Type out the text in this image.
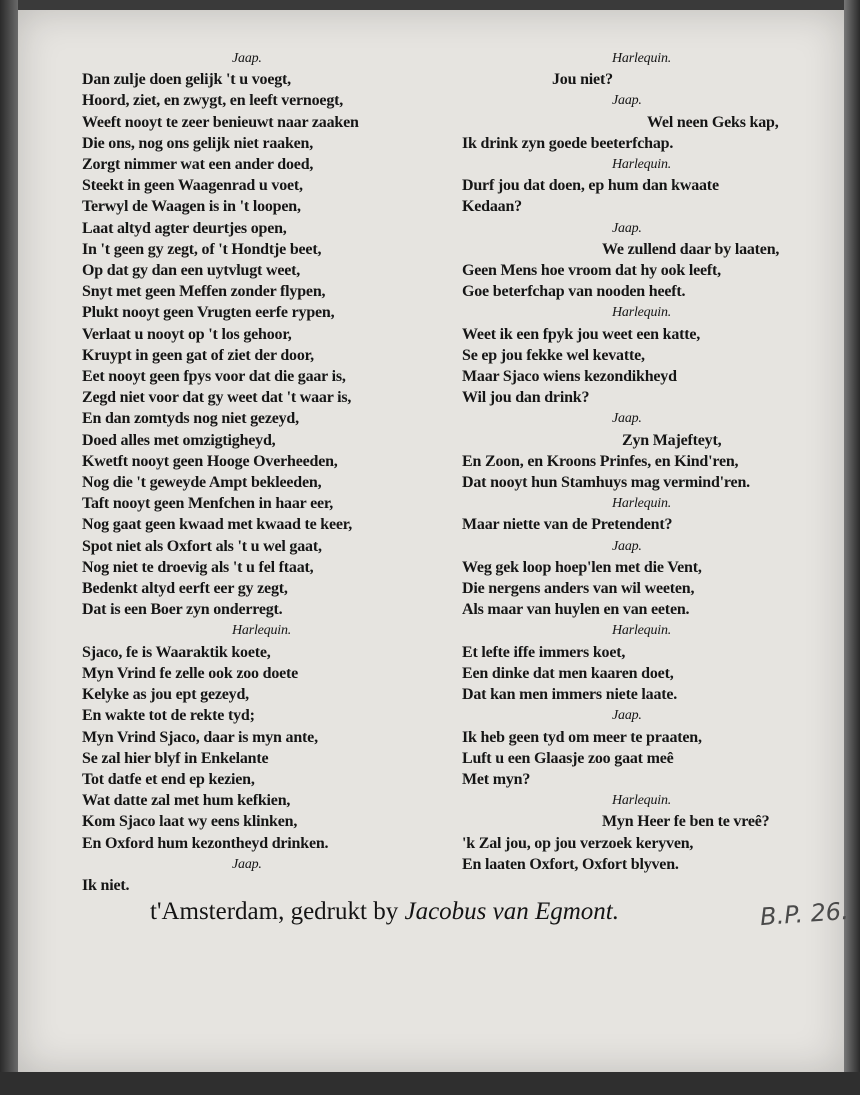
Jaap.
Dan zulje doen gelijk 't u voegt,
Hoord, ziet, en zwygt, en leeft vernoegt,
Weeft nooyt te zeer benieuwt naar zaaken
Die ons, nog ons gelijk niet raaken,
Zorgt nimmer wat een ander doed,
Steekt in geen Waagenrad u voet,
Terwyl de Waagen is in 't loopen,
Laat altyd agter deurtjes open,
In 't geen gy zegt, of 't Hondtje beet,
Op dat gy dan een uytvlugt weet,
Snyt met geen Meffen zonder flypen,
Plukt nooyt geen Vrugten eerfe rypen,
Verlaat u nooyt op 't los gehoor,
Kruypt in geen gat of ziet der door,
Eet nooyt geen fpys voor dat die gaar is,
Zegd niet voor dat gy weet dat 't waar is,
En dan zomtyds nog niet gezeyd,
Doed alles met omzigtigheyd,
Kwetft nooyt geen Hooge Overheeden,
Nog die 't geweyde Ampt bekleeden,
Taft nooyt geen Menfchen in haar eer,
Nog gaat geen kwaad met kwaad te keer,
Spot niet als Oxfort als 't u wel gaat,
Nog niet te droevig als 't u fel ftaat,
Bedenkt altyd eerft eer gy zegt,
Dat is een Boer zyn onderregt.
Harlequin.
Sjaco, fe is Waaraktik koete,
Myn Vrind fe zelle ook zoo doete
Kelyke as jou ept gezeyd,
En wakte tot de rekte tyd;
Myn Vrind Sjaco, daar is myn ante,
Se zal hier blyf in Enkelante
Tot datfe et end ep kezien,
Wat datte zal met hum kefkien,
Kom Sjaco laat wy eens klinken,
En Oxford hum kezontheyd drinken.
Jaap.
Ik niet.
Harlequin.
Jou niet?
Jaap.
Wel neen Geks kap,
Ik drink zyn goede beeterfchap.
Harlequin.
Durf jou dat doen, ep hum dan kwaate
Kedaan?
Jaap.
We zullend daar by laaten,
Geen Mens hoe vroom dat hy ook leeft,
Goe beterfchap van nooden heeft.
Harlequin.
Weet ik een fpyk jou weet een katte,
Se ep jou fekke wel kevatte,
Maar Sjaco wiens kezondikheyd
Wil jou dan drink?
Jaap.
Zyn Majefteyt,
En Zoon, en Kroons Prinfes, en Kind'ren,
Dat nooyt hun Stamhuys mag vermind'ren.
Harlequin.
Maar niette van de Pretendent?
Jaap.
Weg gek loop hoep'len met die Vent,
Die nergens anders van wil weeten,
Als maar van huylen en van eeten.
Harlequin.
Et lefte iffe immers koet,
Een dinke dat men kaaren doet,
Dat kan men immers niete laate.
Jaap.
Ik heb geen tyd om meer te praaten,
Luft u een Glaasje zoo gaat meê
Met myn?
Harlequin.
Myn Heer fe ben te vreê?
'k Zal jou, op jou verzoek keryven,
En laaten Oxfort, Oxfort blyven.
t'Amsterdam, gedrukt by Jacobus van Egmont.	B.P. 26.
